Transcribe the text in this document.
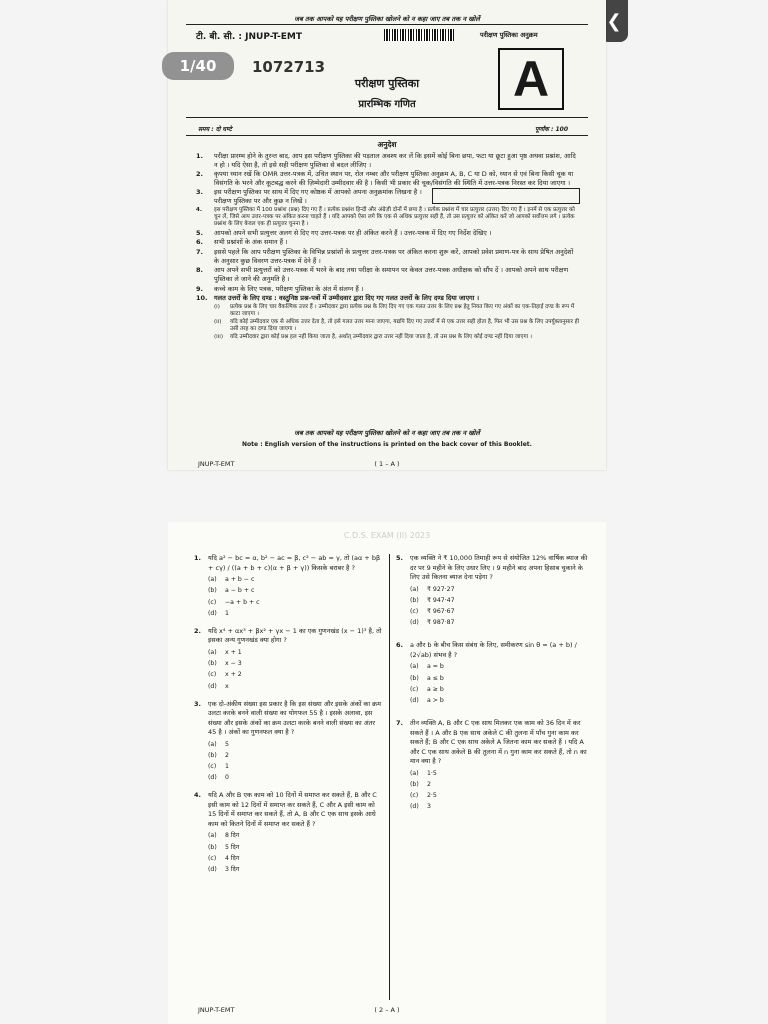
❮
जब तक आपको यह परीक्षण पुस्तिका खोलने को न कहा जाए तब तक न खोलें
टी. बी. सी. : JNUP-T-EMT	परीक्षण पुस्तिका अनुक्रम
1072713
परीक्षण पुस्तिका
प्रारम्भिक गणित	A
समय : दो घण्टे	पूर्णांक : 100
अनुदेश
1.	परीक्षा प्रारम्भ होने के तुरन्त बाद, आप इस परीक्षण पुस्तिका की पड़ताल अवश्य कर लें कि इसमें कोई बिना छपा, फटा या छूटा हुआ पृष्ठ अथवा प्रश्नांश, आदि न हो । यदि ऐसा है, तो इसे सही परीक्षण पुस्तिका से बदल लीजिए ।
2.	कृपया ध्यान रखें कि OMR उत्तर-पत्रक में, उचित स्थान पर, रोल नम्बर और परीक्षण पुस्तिका अनुक्रम A, B, C या D को, ध्यान से एवं बिना किसी चूक या विसंगति के भरने और कूटबद्ध करने की ज़िम्मेदारी उम्मीदवार की है । किसी भी प्रकार की चूक/विसंगति की स्थिति में उत्तर-पत्रक निरस्त कर दिया जाएगा ।
3.	इस परीक्षण पुस्तिका पर साथ में दिए गए कोष्ठक में आपको अपना अनुक्रमांक लिखना है । परीक्षण पुस्तिका पर और कुछ न लिखें ।
4.	इस परीक्षण पुस्तिका में 100 प्रश्नांश (प्रश्न) दिए गए हैं । प्रत्येक प्रश्नांश हिन्दी और अंग्रेज़ी दोनों में छपा है । प्रत्येक प्रश्नांश में चार प्रत्युत्तर (उत्तर) दिए गए हैं । इनमें से एक प्रत्युत्तर को चुन लें, जिसे आप उत्तर-पत्रक पर अंकित करना चाहते हैं । यदि आपको ऐसा लगे कि एक से अधिक प्रत्युत्तर सही हैं, तो उस प्रत्युत्तर को अंकित करें जो आपको सर्वोत्तम लगे । प्रत्येक प्रश्नांश के लिए केवल एक ही प्रत्युत्तर चुनना है ।
5.	आपको अपने सभी प्रत्युत्तर अलग से दिए गए उत्तर-पत्रक पर ही अंकित करने हैं । उत्तर-पत्रक में दिए गए निर्देश देखिए ।
6.	सभी प्रश्नांशों के अंक समान हैं ।
7.	इससे पहले कि आप परीक्षण पुस्तिका के विभिन्न प्रश्नांशों के प्रत्युत्तर उत्तर-पत्रक पर अंकित करना शुरू करें, आपको प्रवेश प्रमाण-पत्र के साथ प्रेषित अनुदेशों के अनुसार कुछ विवरण उत्तर-पत्रक में देने हैं ।
8.	आप अपने सभी प्रत्युत्तरों को उत्तर-पत्रक में भरने के बाद तथा परीक्षा के समापन पर केवल उत्तर-पत्रक अधीक्षक को सौंप दें । आपको अपने साथ परीक्षण पुस्तिका ले जाने की अनुमति है ।
9.	कच्चे काम के लिए पत्रक, परीक्षण पुस्तिका के अंत में संलग्न हैं ।
10. गलत उत्तरों के लिए दण्ड : वस्तुनिष्ठ प्रश्न-पत्रों में उम्मीदवार द्वारा दिए गए गलत उत्तरों के लिए दण्ड दिया जाएगा ।
(i)	प्रत्येक प्रश्न के लिए चार वैकल्पिक उत्तर हैं । उम्मीदवार द्वारा प्रत्येक प्रश्न के लिए दिए गए एक गलत उत्तर के लिए प्रश्न हेतु नियत किए गए अंकों का एक-तिहाई दण्ड के रूप में काटा जाएगा ।
(ii)	यदि कोई उम्मीदवार एक से अधिक उत्तर देता है, तो इसे गलत उत्तर माना जाएगा, यद्यपि दिए गए उत्तरों में से एक उत्तर सही होता है, फिर भी उस प्रश्न के लिए उपर्युक्तानुसार ही उसी तरह का दण्ड दिया जाएगा ।
(iii)	यदि उम्मीदवार द्वारा कोई प्रश्न हल नहीं किया जाता है, अर्थात् उम्मीदवार द्वारा उत्तर नहीं दिया जाता है, तो उस प्रश्न के लिए कोई दण्ड नहीं दिया जाएगा ।
जब तक आपको यह परीक्षण पुस्तिका खोलने को न कहा जाए तब तक न खोलें
Note : English version of the instructions is printed on the back cover of this Booklet.
JNUP-T-EMT	( 1 – A )
1/40
C.D.S. EXAM (II) 2023
1.	यदि a² − bc = α, b² − ac = β, c² − ab = γ, तो (aα + bβ + cγ) / ((a + b + c)(α + β + γ)) किसके बराबर है ?
(a)	a + b − c
(b)	a − b + c
(c)	−a + b + c
(d)	1
2.	यदि x⁴ + αx³ + βx² + γx − 1 का एक गुणनखंड (x − 1)³ है, तो इसका अन्य गुणनखंड क्या होगा ?
(a)	x + 1
(b)	x − 3
(c)	x + 2
(d)	x
3.	एक दो-अंकीय संख्या इस प्रकार है कि इस संख्या और इसके अंकों का क्रम उलटा करके बनने वाली संख्या का योगफल 55 है । इसके अलावा, इस संख्या और इसके अंकों का क्रम उलटा करके बनने वाली संख्या का अंतर 45 है । अंकों का गुणनफल क्या है ?
(a)	5
(b)	2
(c)	1
(d)	0
4.	यदि A और B एक काम को 10 दिनों में समाप्त कर सकते हैं, B और C इसी काम को 12 दिनों में समाप्त कर सकते हैं, C और A इसी काम को 15 दिनों में समाप्त कर सकते हैं, तो A, B और C एक साथ इसके आधे काम को कितने दिनों में समाप्त कर सकते हैं ?
(a)	8 दिन
(b)	5 दिन
(c)	4 दिन
(d)	3 दिन
5.	एक व्यक्ति ने ₹ 10,000 तिमाही रूप से संयोजित 12% वार्षिक ब्याज की दर पर 9 महीने के लिए उधार लिए । 9 महीने बाद अपना हिसाब चुकाने के लिए उसे कितना ब्याज देना पड़ेगा ?
(a)	₹ 927·27
(b)	₹ 947·47
(c)	₹ 967·67
(d)	₹ 987·87
6.	a और b के बीच किस संबंध के लिए, समीकरण sin θ = (a + b) / (2√ab) संभव है ?
(a)	a = b
(b)	a ≤ b
(c)	a ≥ b
(d)	a > b
7.	तीन व्यक्ति A, B और C एक साथ मिलकर एक काम को 36 दिन में कर सकते हैं । A और B एक साथ अकेले C की तुलना में पाँच गुना काम कर सकते हैं; B और C एक साथ अकेले A जितना काम कर सकते हैं । यदि A और C एक साथ अकेले B की तुलना में n गुना काम कर सकते हैं, तो n का मान क्या है ?
(a)	1·5
(b)	2
(c)	2·5
(d)	3
JNUP-T-EMT	( 2 – A )
